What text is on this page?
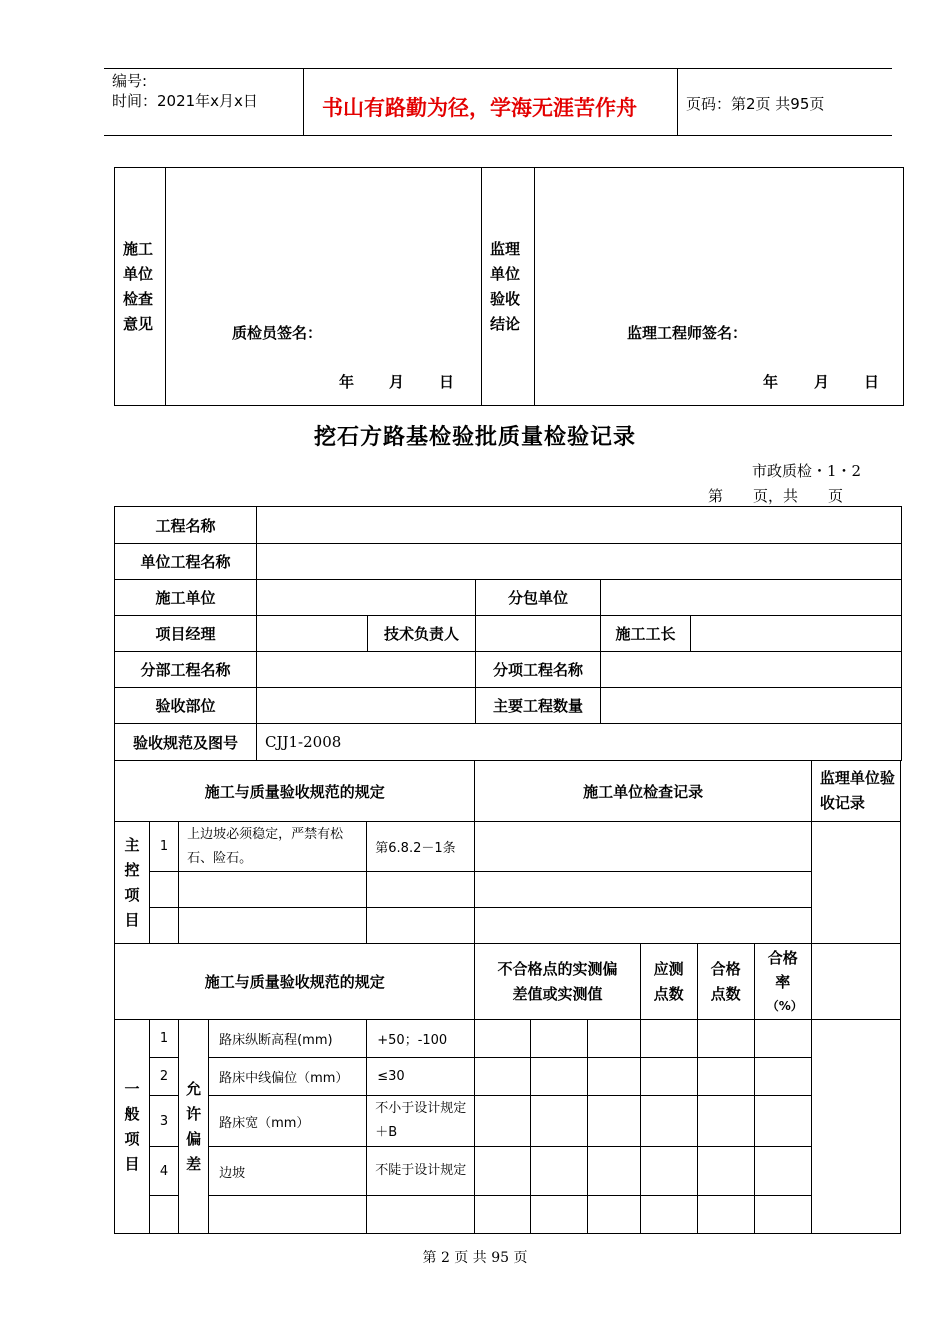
编号:
时间：2021年x月x日	书山有路勤为径，学海无涯苦作舟	页码：第2页 共95页
施工单位检查意见

质检员签名：
年 月 日

监理单位验收结论

监理工程师签名：
年 月 日
挖石方路基检验批质量检验记录
市政质检・1・2
第　　页，共　　页
工程名称					
单位工程名称					
施工单位			分包单位		
项目经理		技术负责人		施工工长	
分部工程名称			分项工程名称		
验收部位			主要工程数量		
验收规范及图号	CJJ1-2008				
施工与质量验收规范的规定					施工单位检查记录						监理单位验收记录

主控项目	1	上边坡必须稳定，严禁有松石、险石。		第6.8.2－1条							

施工与质量验收规范的规定					不合格点的实测偏差值或实测值			应测点数	合格点数	合格率
（%）	

一般项目	1	允许偏差	路床纵断高程(mm)	+50；-100							
	2		路床中线偏位（mm）	≤30							
	3		路床宽（mm）	不小于设计规定＋B							
	4		边坡	不陡于设计规定							

第 2 页 共 95 页
